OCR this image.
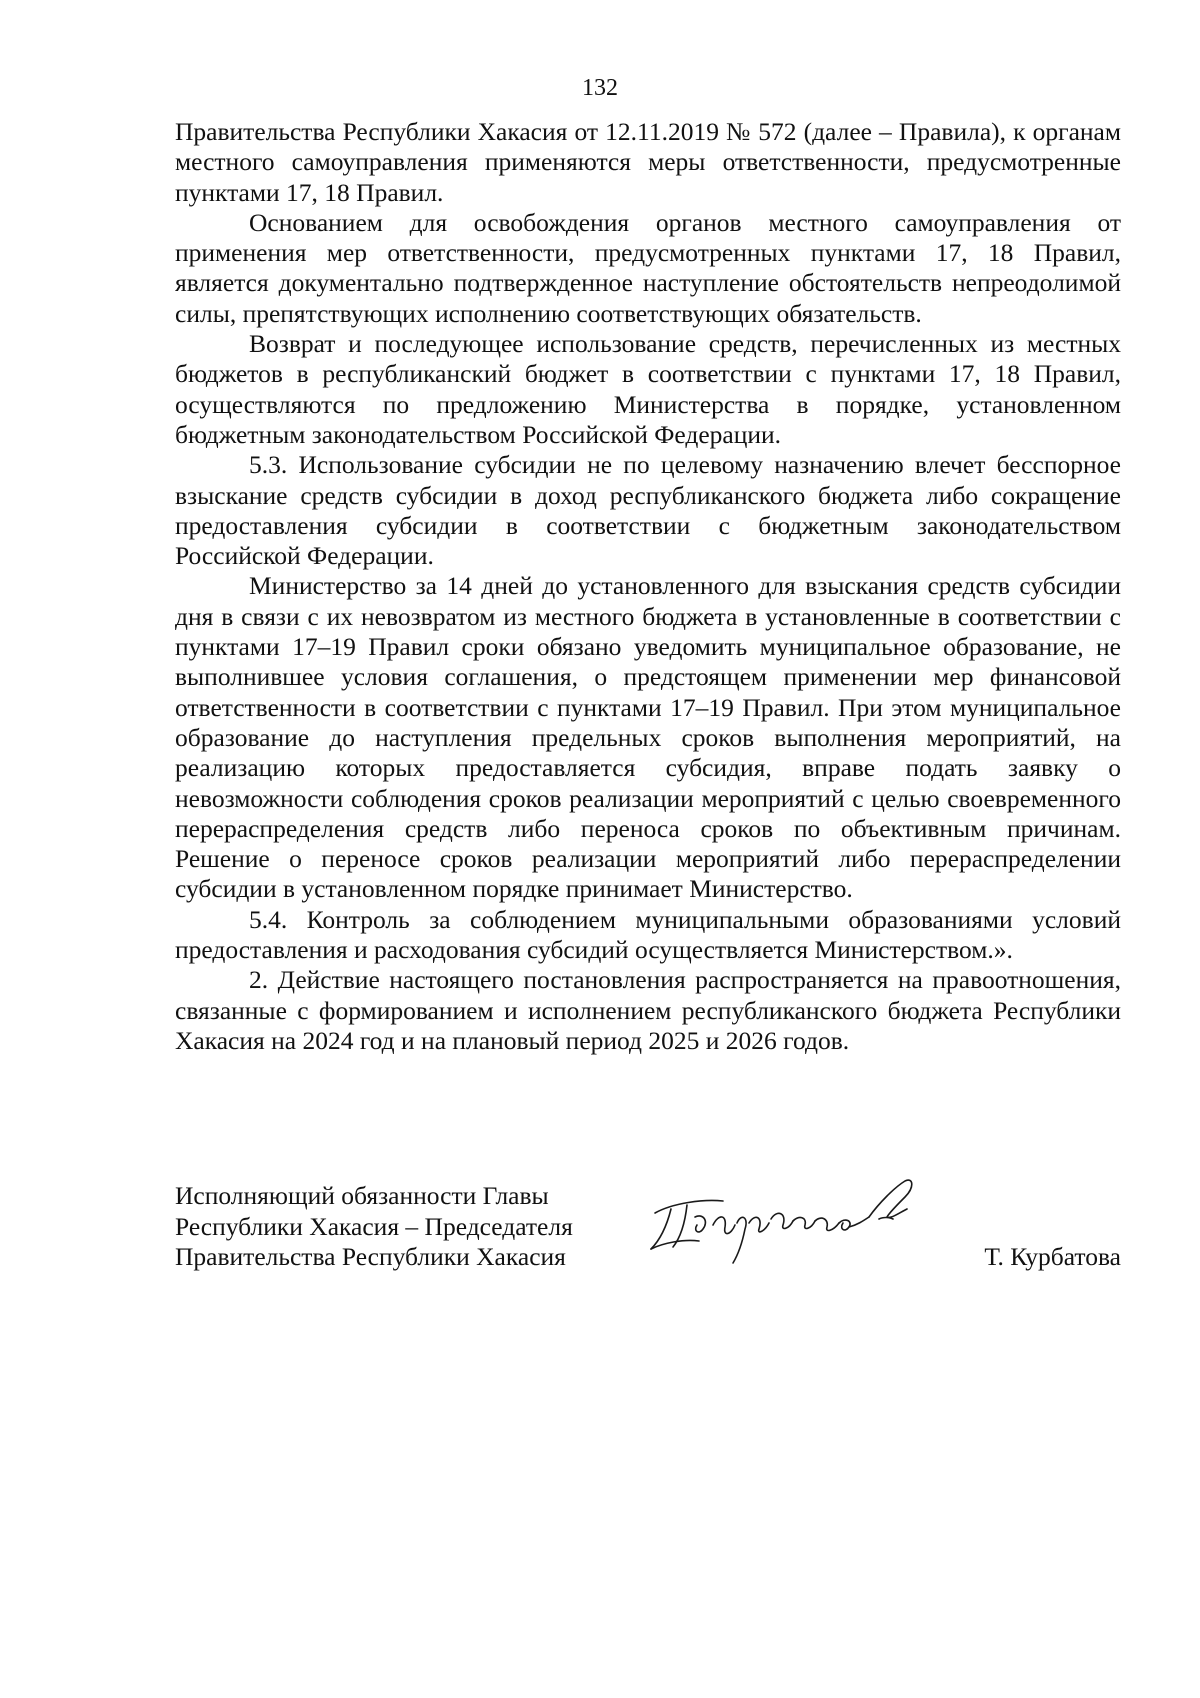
132

Правительства Республики Хакасия от 12.11.2019 № 572 (далее – Правила), к органам местного самоуправления применяются меры ответственности, предусмотренные пунктами 17, 18 Правил.

Основанием для освобождения органов местного самоуправления от применения мер ответственности, предусмотренных пунктами 17, 18 Правил, является документально подтвержденное наступление обстоятельств непреодолимой силы, препятствующих исполнению соответствующих обязательств.

Возврат и последующее использование средств, перечисленных из местных бюджетов в республиканский бюджет в соответствии с пунктами 17, 18 Правил, осуществляются по предложению Министерства в порядке, установленном бюджетным законодательством Российской Федерации.

5.3. Использование субсидии не по целевому назначению влечет бесспорное взыскание средств субсидии в доход республиканского бюджета либо сокращение предоставления субсидии в соответствии с бюджетным законодательством Российской Федерации.

Министерство за 14 дней до установленного для взыскания средств субсидии дня в связи с их невозвратом из местного бюджета в установленные в соответствии с пунктами 17–19 Правил сроки обязано уведомить муниципальное образование, не выполнившее условия соглашения, о предстоящем применении мер финансовой ответственности в соответствии с пунктами 17–19 Правил. При этом муниципальное образование до наступления предельных сроков выполнения мероприятий, на реализацию которых предоставляется субсидия, вправе подать заявку о невозможности соблюдения сроков реализации мероприятий с целью своевременного перераспределения средств либо переноса сроков по объективным причинам. Решение о переносе сроков реализации мероприятий либо перераспределении субсидии в установленном порядке принимает Министерство.

5.4. Контроль за соблюдением муниципальными образованиями условий предоставления и расходования субсидий осуществляется Министерством.».

2. Действие настоящего постановления распространяется на правоотношения, связанные с формированием и исполнением республиканского бюджета Республики Хакасия на 2024 год и на плановый период 2025 и 2026 годов.

Исполняющий обязанности Главы
Республики Хакасия – Председателя
Правительства Республики Хакасия	Т. Курбатова
